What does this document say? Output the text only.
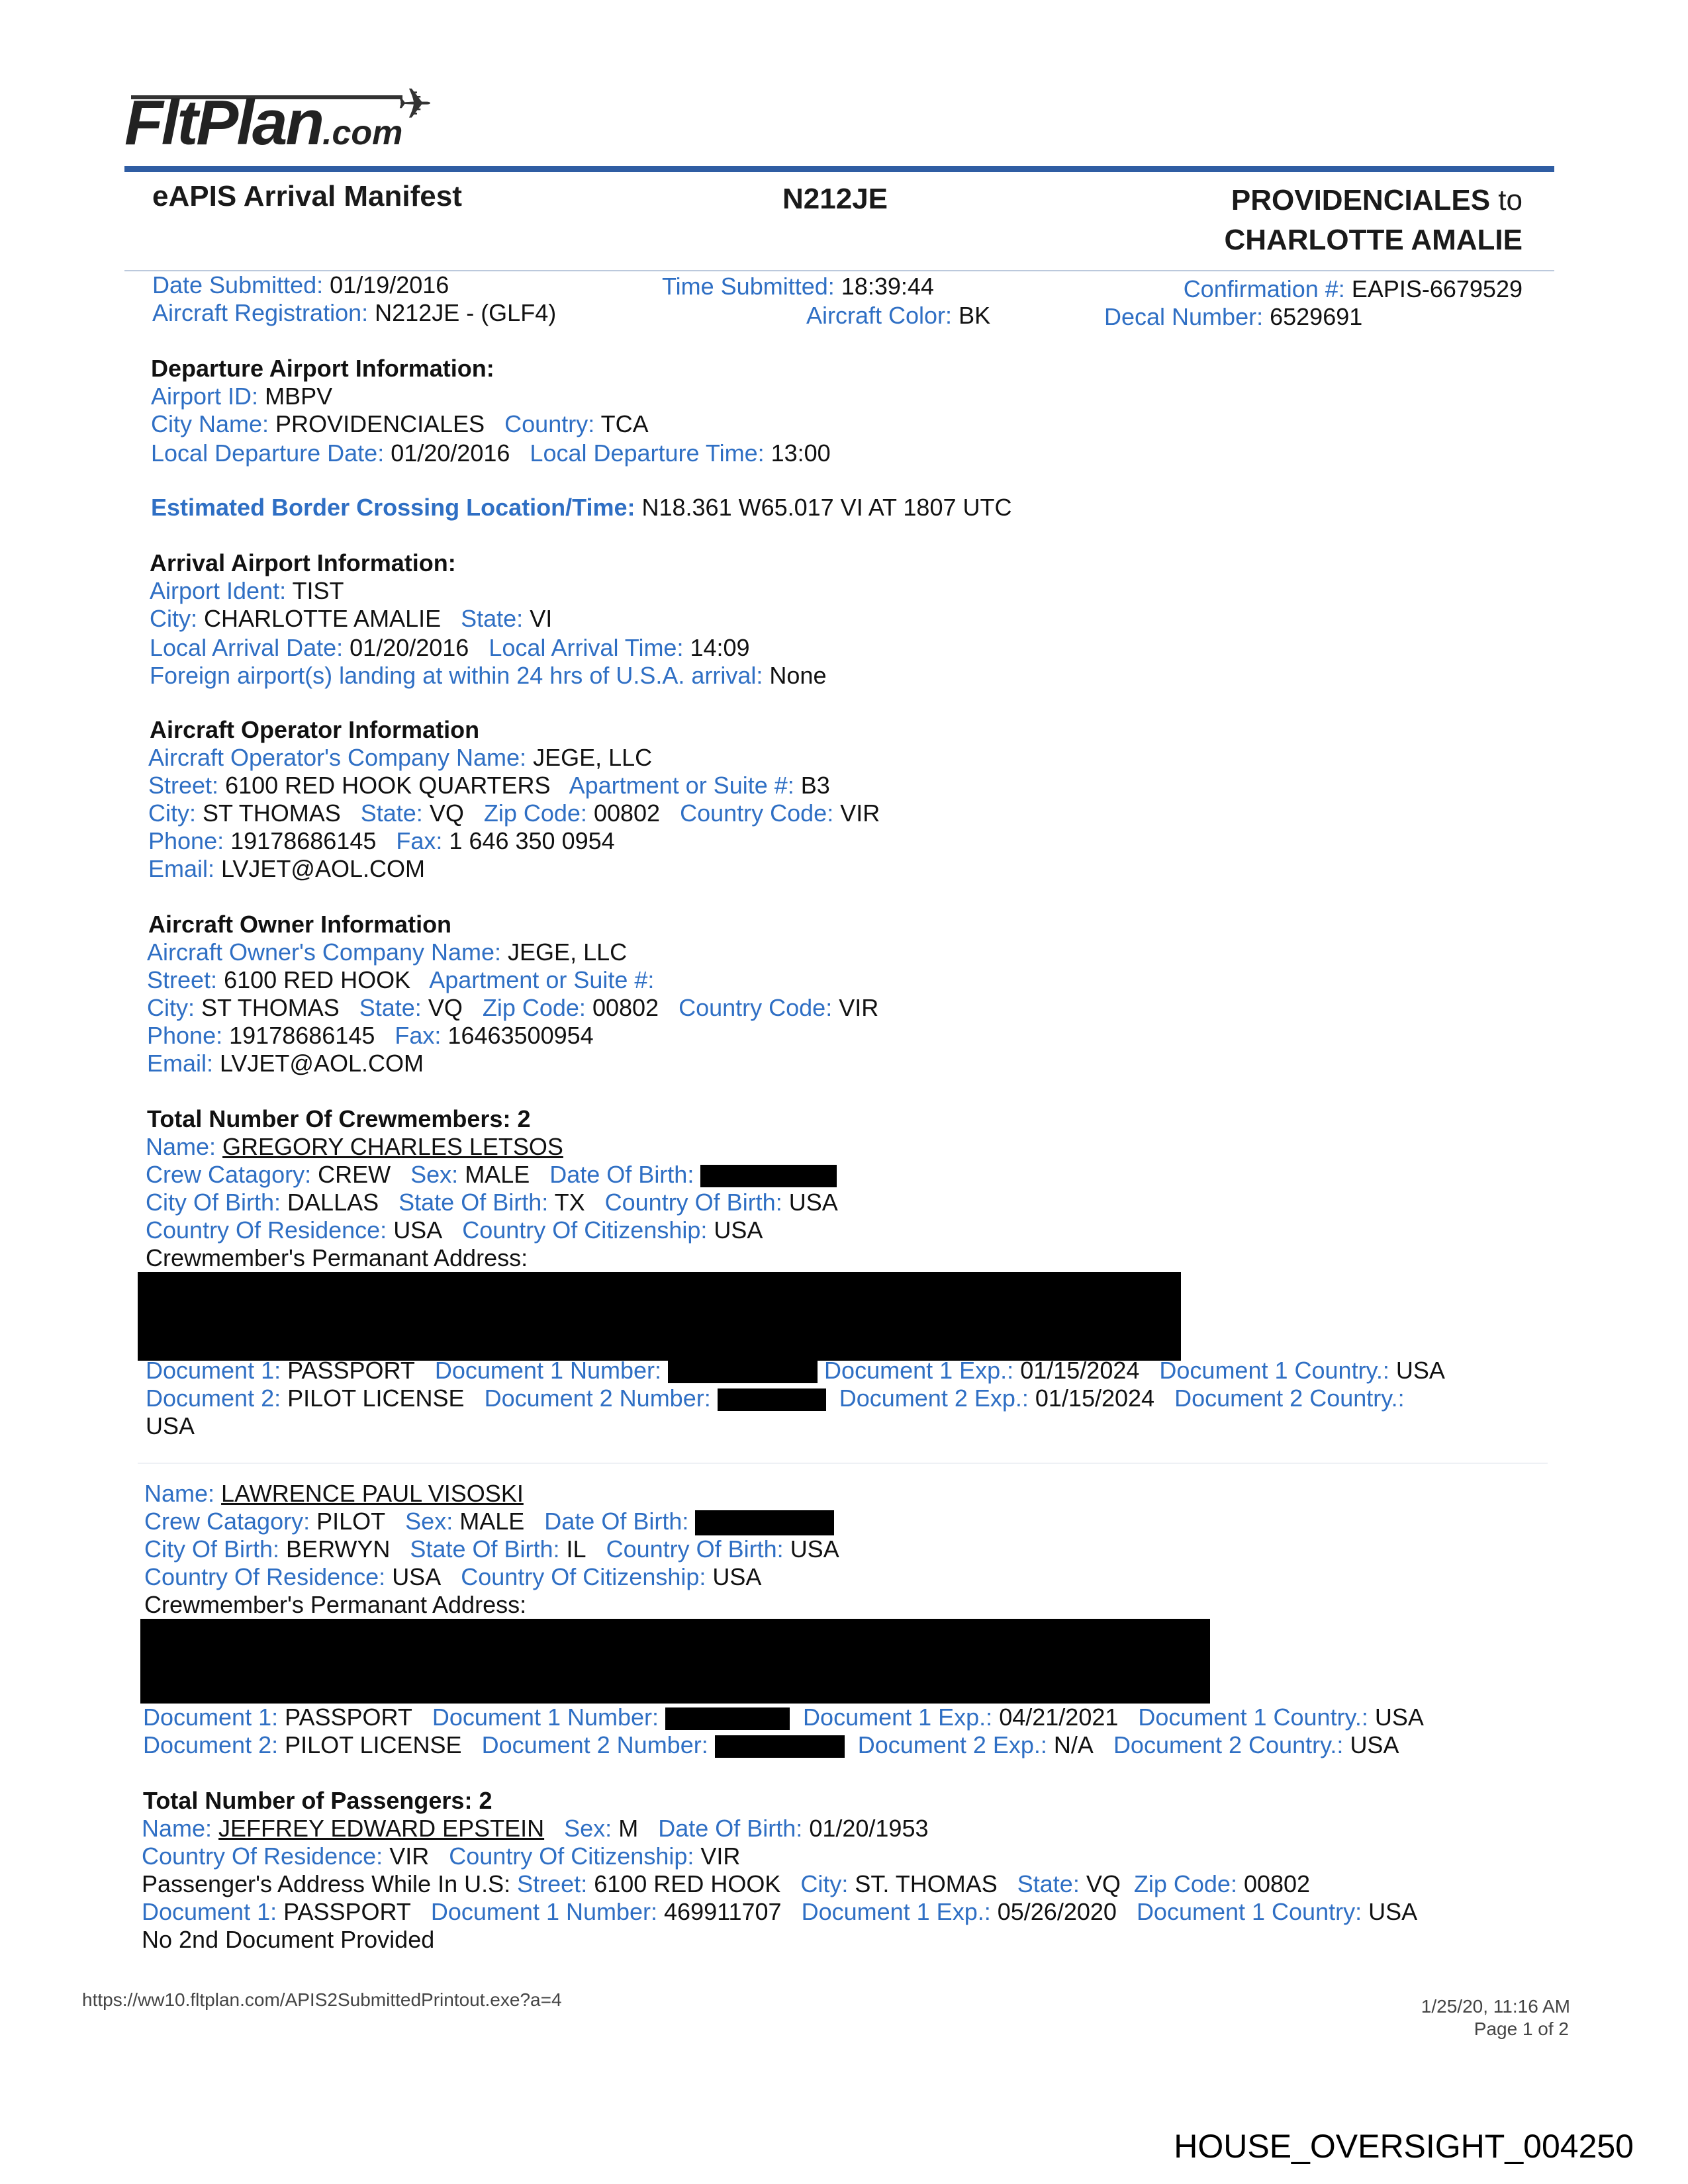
✈
FltPlan.com
eAPIS Arrival Manifest	N212JE	PROVIDENCIALES to
CHARLOTTE AMALIE
Date Submitted: 01/19/2016	Time Submitted: 18:39:44	Confirmation #: EAPIS-6679529
Aircraft Registration: N212JE - (GLF4)	Aircraft Color: BK	Decal Number: 6529691
Departure Airport Information:
Airport ID: MBPV
City Name: PROVIDENCIALES Country: TCA
Local Departure Date: 01/20/2016 Local Departure Time: 13:00
Estimated Border Crossing Location/Time: N18.361 W65.017 VI AT 1807 UTC
Arrival Airport Information:
Airport Ident: TIST
City: CHARLOTTE AMALIE State: VI
Local Arrival Date: 01/20/2016 Local Arrival Time: 14:09
Foreign airport(s) landing at within 24 hrs of U.S.A. arrival: None
Aircraft Operator Information
Aircraft Operator's Company Name: JEGE, LLC
Street: 6100 RED HOOK QUARTERS Apartment or Suite #: B3
City: ST THOMAS State: VQ Zip Code: 00802 Country Code: VIR
Phone: 19178686145 Fax: 1 646 350 0954
Email: LVJET@AOL.COM
Aircraft Owner Information
Aircraft Owner's Company Name: JEGE, LLC
Street: 6100 RED HOOK Apartment or Suite #:
City: ST THOMAS State: VQ Zip Code: 00802 Country Code: VIR
Phone: 19178686145 Fax: 16463500954
Email: LVJET@AOL.COM
Total Number Of Crewmembers: 2
Name: GREGORY CHARLES LETSOS
Crew Catagory: CREW Sex: MALE Date Of Birth:
City Of Birth: DALLAS State Of Birth: TX Country Of Birth: USA
Country Of Residence: USA Country Of Citizenship: USA
Crewmember's Permanant Address:
Document 1: PASSPORT Document 1 Number:	Document 1 Exp.: 01/15/2024 Document 1 Country.: USA
Document 2: PILOT LICENSE Document 2 Number:	Document 2 Exp.: 01/15/2024 Document 2 Country.:
USA
Name: LAWRENCE PAUL VISOSKI
Crew Catagory: PILOT Sex: MALE Date Of Birth:
City Of Birth: BERWYN State Of Birth: IL Country Of Birth: USA
Country Of Residence: USA Country Of Citizenship: USA
Crewmember's Permanant Address:
Document 1: PASSPORT Document 1 Number:	Document 1 Exp.: 04/21/2021 Document 1 Country.: USA
Document 2: PILOT LICENSE Document 2 Number:	Document 2 Exp.: N/A Document 2 Country.: USA
Total Number of Passengers: 2
Name: JEFFREY EDWARD EPSTEIN Sex: M Date Of Birth: 01/20/1953
Country Of Residence: VIR Country Of Citizenship: VIR
Passenger's Address While In U.S: Street: 6100 RED HOOK City: ST. THOMAS State: VQ Zip Code: 00802
Document 1: PASSPORT Document 1 Number: 469911707 Document 1 Exp.: 05/26/2020 Document 1 Country: USA
No 2nd Document Provided
https://ww10.fltplan.com/APIS2SubmittedPrintout.exe?a=4	1/25/20, 11:16 AM
Page 1 of 2
HOUSE_OVERSIGHT_004250
